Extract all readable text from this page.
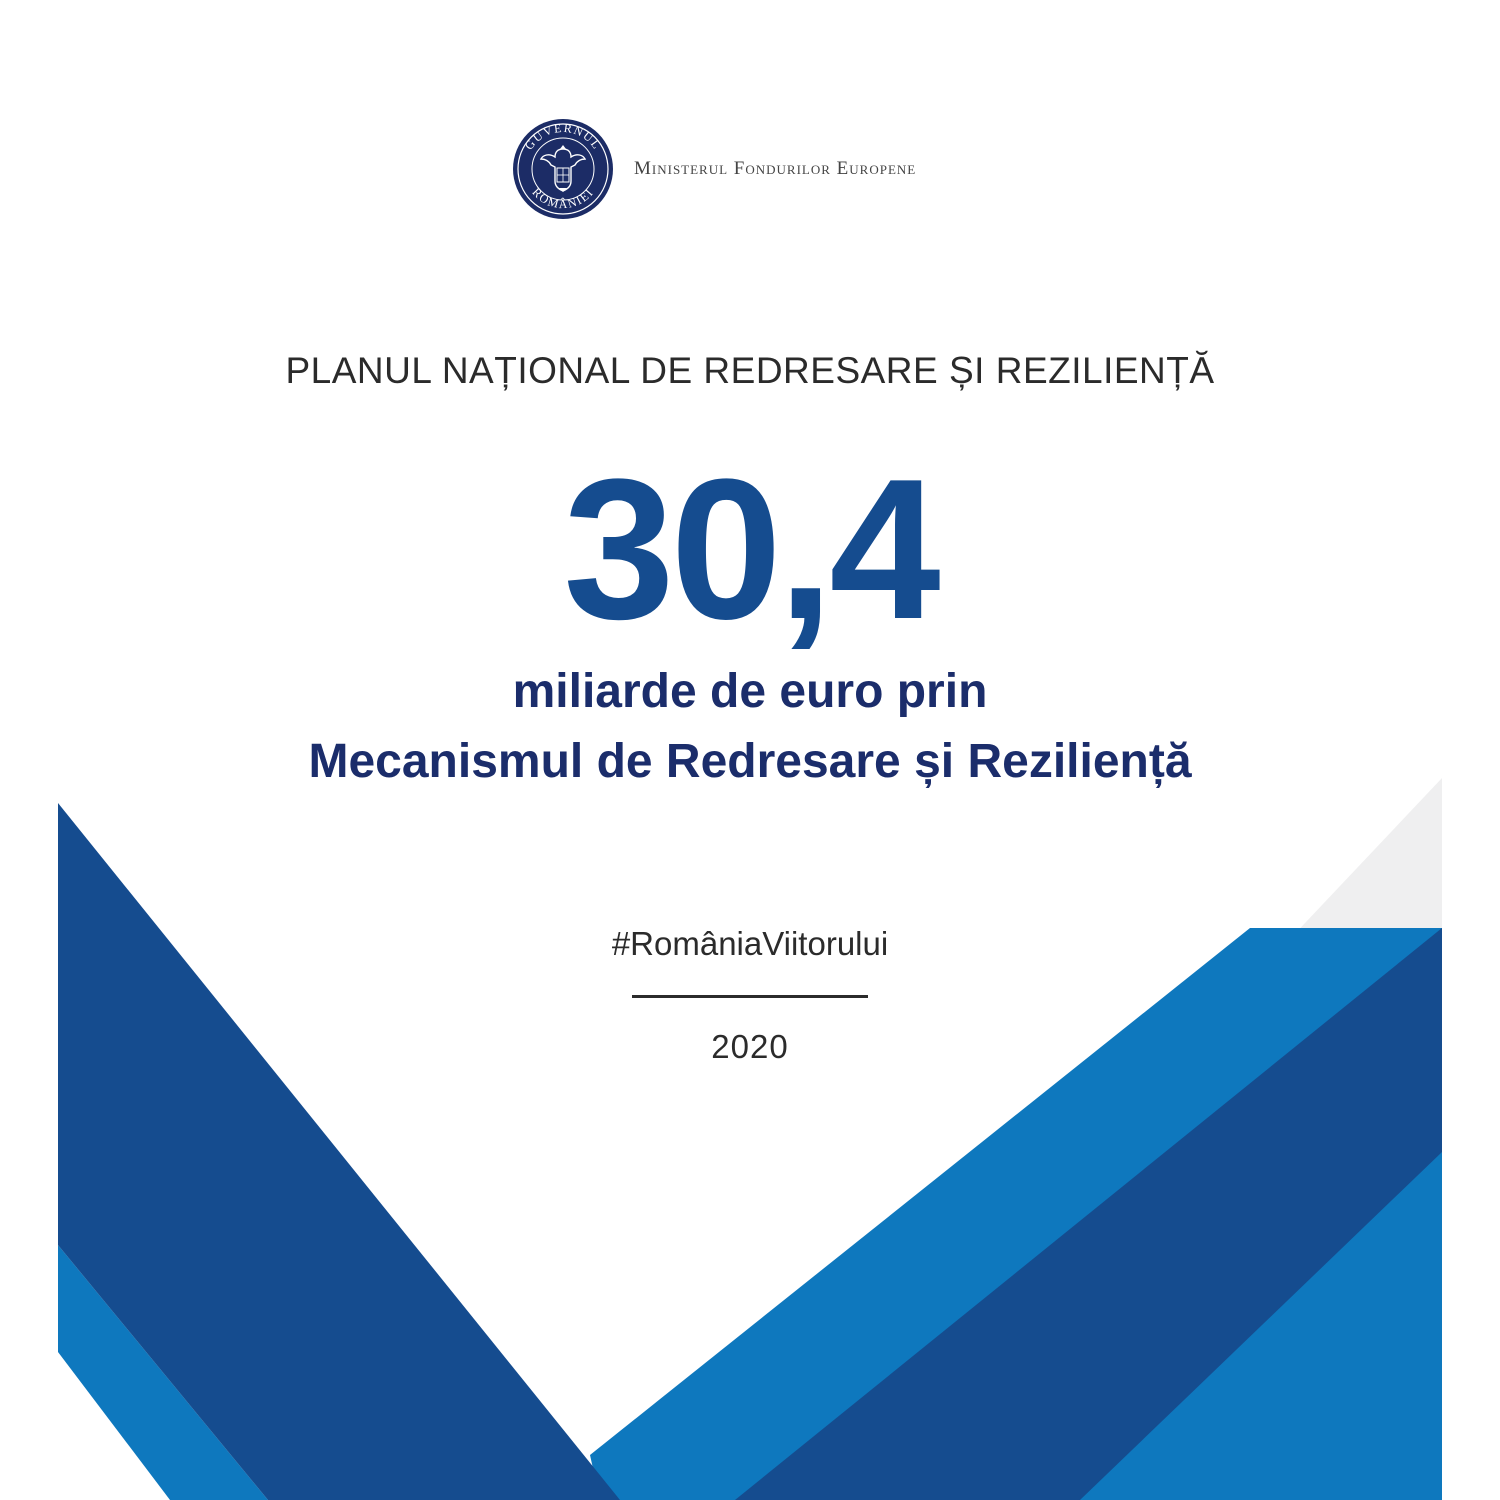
GUVERNUL
ROMÂNIEI
Ministerul Fondurilor Europene
PLANUL NAȚIONAL DE REDRESARE ȘI REZILIENȚĂ
30,4
miliarde de euro prin
Mecanismul de Redresare și Reziliență
#RomâniaViitorului
2020
